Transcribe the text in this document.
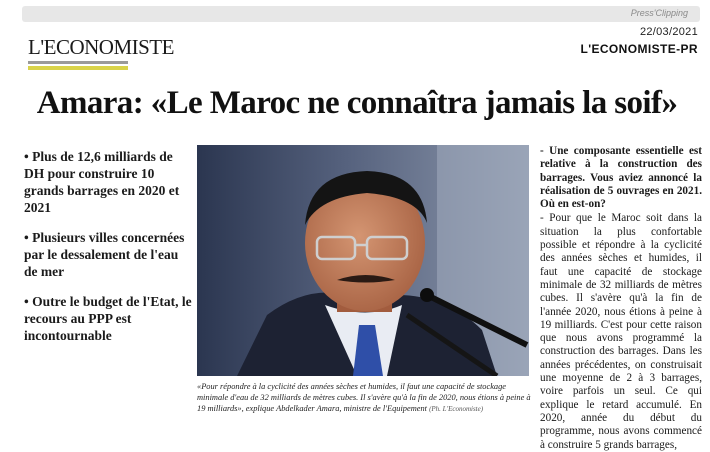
Press'Clipping
22/03/2021
L'ECONOMISTE-PR
L'ECONOMISTE
Amara: «Le Maroc ne connaîtra jamais la soif»
• Plus de 12,6 milliards de DH pour construire 10 grands barrages en 2020 et 2021
• Plusieurs villes concernées par le dessalement de l'eau de mer
• Outre le budget de l'Etat, le recours au PPP est incontournable
«Pour répondre à la cyclicité des années sèches et humides, il faut une capacité de stockage minimale d'eau de 32 milliards de mètres cubes. Il s'avère qu'à la fin de 2020, nous étions à peine à 19 milliards», explique Abdelkader Amara, ministre de l'Equipement (Ph. L'Economiste)

- Une composante essentielle est relative à la construction des barrages. Vous aviez annoncé la réalisation de 5 ouvrages en 2021. Où en est-on?

- Pour que le Maroc soit dans la situation la plus confortable possible et répondre à la cyclicité des années sèches et humides, il faut une capacité de stockage minimale de 32 milliards de mètres cubes. Il s'avère qu'à la fin de l'année 2020, nous étions à peine à 19 milliards. C'est pour cette raison que nous avons programmé la construction des barrages. Dans les années précédentes, on construisait une moyenne de 2 à 3 barrages, voire parfois un seul. Ce qui explique le retard accumulé. En 2020, année du début du programme, nous avons commencé à construire 5 grands barrages,
